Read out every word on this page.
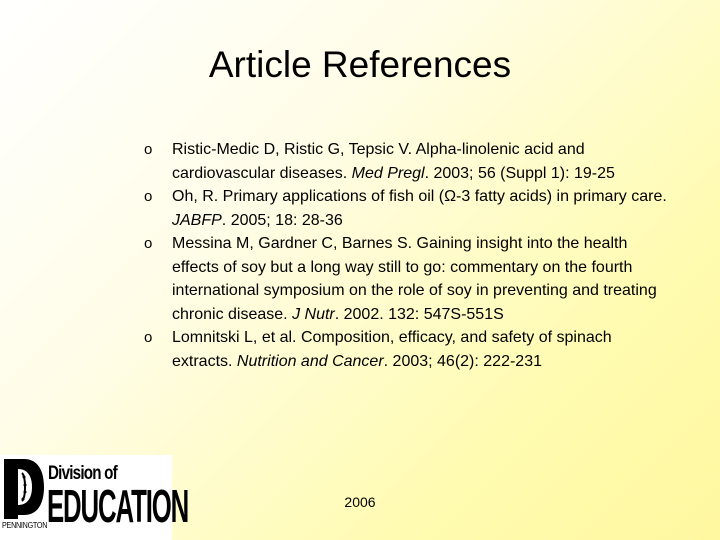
Article References
o Ristic-Medic D, Ristic G, Tepsic V. Alpha-linolenic acid and cardiovascular diseases. Med Pregl. 2003; 56 (Suppl 1): 19-25
o Oh, R. Primary applications of fish oil (Ω-3 fatty acids) in primary care. JABFP. 2005; 18: 28-36
o Messina M, Gardner C, Barnes S. Gaining insight into the health effects of soy but a long way still to go: commentary on the fourth international symposium on the role of soy in preventing and treating chronic disease. J Nutr. 2002. 132: 547S-551S
o Lomnitski L, et al. Composition, efficacy, and safety of spinach extracts. Nutrition and Cancer. 2003; 46(2): 222-231
2006
Division of
EDUCATION
PENNINGTON
